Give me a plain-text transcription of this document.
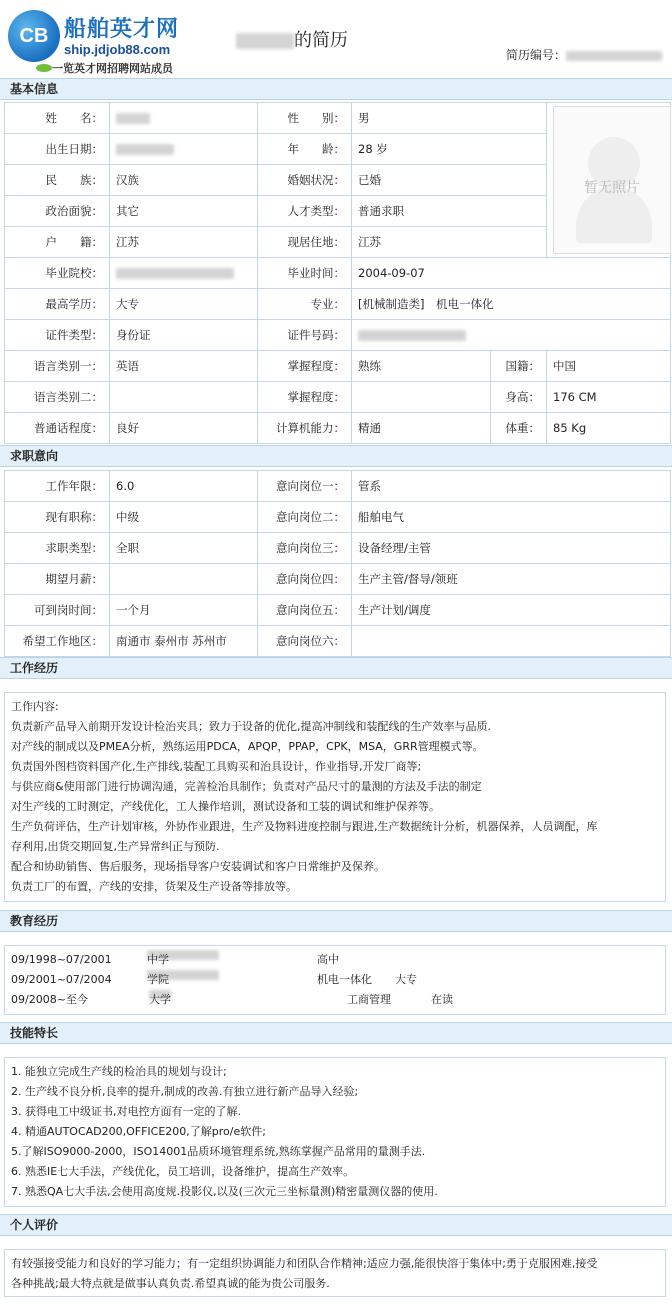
CB 船舶英才网
ship.jdjob88.com
一览英才网招聘网站成员
的简历
简历编号：
基本信息
姓　　名：		性　　别：	男		暂无照片

出生日期：		年　　龄：	28 岁		
民　　族：	汉族	婚姻状况：	已婚		
政治面貌：	其它	人才类型：	普通求职		
户　　籍：	江苏	现居住地：	江苏		
毕业院校：		毕业时间：	2004-09-07		
最高学历：	大专	专业：	[机械制造类]　机电一体化		
证件类型：	身份证	证件号码：			
语言类别一：	英语	掌握程度：	熟练	国籍：	中国
语言类别二：		掌握程度：		身高：	176 CM
普通话程度：	良好	计算机能力：	精通	体重：	85 Kg
求职意向
工作年限：	6.0	意向岗位一：	管系
现有职称：	中级	意向岗位二：	船舶电气
求职类型：	全职	意向岗位三：	设备经理/主管
期望月薪：		意向岗位四：	生产主管/督导/领班
可到岗时间：	一个月	意向岗位五：	生产计划/调度
希望工作地区：	南通市 泰州市 苏州市	意向岗位六：	
工作经历

工作内容:

负责新产品导入前期开发设计检治夹具；致力于设备的优化,提高冲制线和装配线的生产效率与品质.

对产线的制成以及PMEA分析，熟练运用PDCA，APQP，PPAP，CPK，MSA，GRR管理模式等。

负责国外图档资料国产化,生产排线,装配工具购买和治具设计，作业指导,开发厂商等;

与供应商&使用部门进行协调沟通，完善检治具制作；负责对产品尺寸的量测的方法及手法的制定

对生产线的工时测定，产线优化，工人操作培训，测试设备和工装的调试和维护保养等。

生产负荷评估，生产计划审核，外协作业跟进，生产及物料进度控制与跟进,生产数据统计分析，机器保养，人员调配，库

存利用,出货交期回复,生产异常纠正与预防.

配合和协助销售、售后服务，现场指导客户安装调试和客户日常维护及保养。

负责工厂的布置，产线的安排，货架及生产设备等排放等。

教育经历
09/1998~07/2001	中学	高中
09/2001~07/2004	学院	机电一体化 大专
09/2008~至今	大学	工商管理	在读
技能特长

1. 能独立完成生产线的检治具的规划与设计;

2. 生产线不良分析,良率的提升,制成的改善.有独立进行新产品导入经验;

3. 获得电工中级证书,对电控方面有一定的了解.

4. 精通AUTOCAD200,OFFICE200,了解pro/e软件;

5.了解ISO9000-2000，ISO14001品质环境管理系统,熟练掌握产品常用的量测手法.

6. 熟悉IE七大手法，产线优化，员工培训，设备维护，提高生产效率。

7. 熟悉QA七大手法,会使用高度规.投影仪,以及(三次元三坐标量测)精密量测仪器的使用.

个人评价

有较强接受能力和良好的学习能力；有一定组织协调能力和团队合作精神;适应力强,能很快溶于集体中;勇于克服困难,接受

各种挑战;最大特点就是做事认真负责.希望真诚的能为贵公司服务.
